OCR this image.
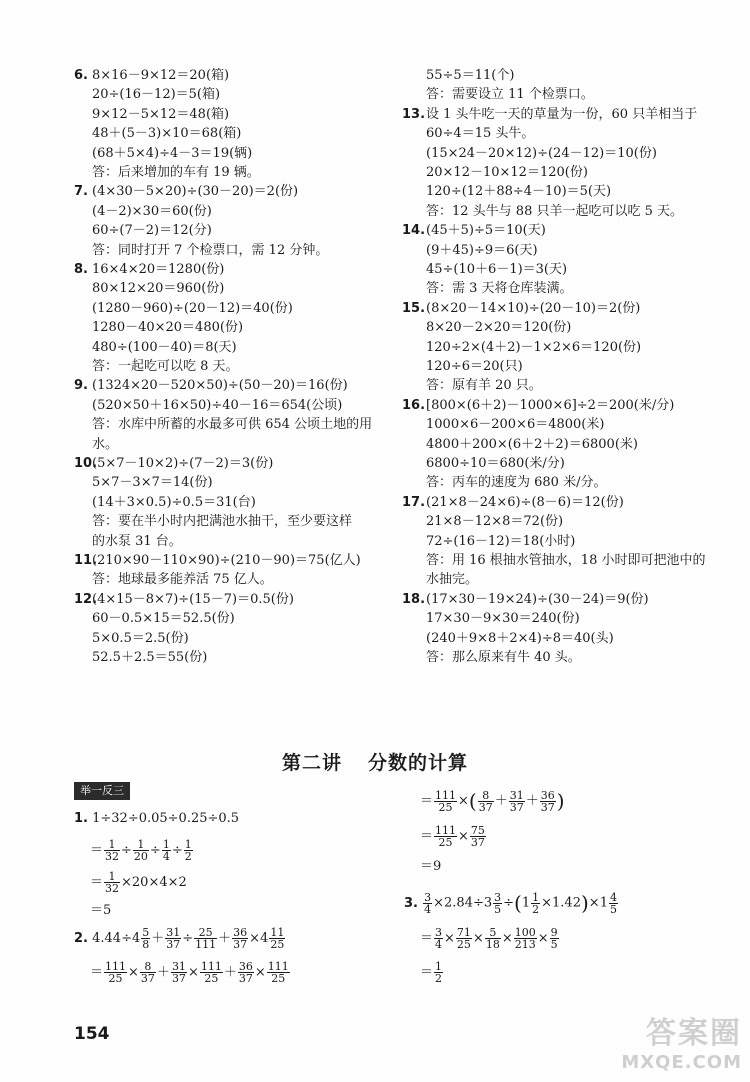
6. 8×16－9×12＝20(箱)
20÷(16－12)＝5(箱)
9×12－5×12＝48(箱)
48＋(5－3)×10＝68(箱)
(68＋5×4)÷4－3＝19(辆)
答：后来增加的车有 19 辆。
7. (4×30－5×20)÷(30－20)＝2(份)
(4－2)×30＝60(份)
60÷(7－2)＝12(分)
答：同时打开 7 个检票口，需 12 分钟。
8. 16×4×20＝1280(份)
80×12×20＝960(份)
(1280－960)÷(20－12)＝40(份)
1280－40×20＝480(份)
480÷(100－40)＝8(天)
答：一起吃可以吃 8 天。
9. (1324×20－520×50)÷(50－20)＝16(份)
(520×50＋16×50)÷40－16＝654(公顷)
答：水库中所蓄的水最多可供 654 公顷土地的用
水。
10.
(5×7－10×2)÷(7－2)＝3(份)
5×7－3×7＝14(份)
(14＋3×0.5)÷0.5＝31(台)
答：要在半小时内把满池水抽干，至少要这样
的水泵 31 台。
11.
(210×90－110×90)÷(210－90)＝75(亿人)
答：地球最多能养活 75 亿人。
12.
(4×15－8×7)÷(15－7)＝0.5(份)
60－0.5×15＝52.5(份)
5×0.5＝2.5(份)
52.5＋2.5＝55(份)
55÷5＝11(个)
答：需要设立 11 个检票口。
13. 设 1 头牛吃一天的草量为一份，60 只羊相当于
60÷4＝15 头牛。
(15×24－20×12)÷(24－12)＝10(份)
20×12－10×12＝120(份)
120÷(12＋88÷4－10)＝5(天)
答：12 头牛与 88 只羊一起吃可以吃 5 天。
14. (45＋5)÷5＝10(天)
(9＋45)÷9＝6(天)
45÷(10＋6－1)＝3(天)
答：需 3 天将仓库装满。
15. (8×20－14×10)÷(20－10)＝2(份)
8×20－2×20＝120(份)
120÷2×(4＋2)－1×2×6＝120(份)
120÷6＝20(只)
答：原有羊 20 只。
16. [800×(6＋2)－1000×6]÷2＝200(米/分)
1000×6－200×6＝4800(米)
4800＋200×(6＋2＋2)＝6800(米)
6800÷10＝680(米/分)
答：丙车的速度为 680 米/分。
17. (21×8－24×6)÷(8－6)＝12(份)
21×8－12×8＝72(份)
72÷(16－12)＝18(小时)
答：用 16 根抽水管抽水，18 小时即可把池中的
水抽完。
18. (17×30－19×24)÷(30－24)＝9(份)
17×30－9×30＝240(份)
(240＋9×8＋2×4)÷8＝40(头)
答：那么原来有牛 40 头。
第二讲 分数的计算
举一反三
1. 1÷32÷0.05÷0.25÷0.5
＝ $\frac{1}{32} \div \frac{1}{20} \div \frac{1}{4} \div \frac{1}{2}$
＝ $\frac{1}{32} \times 20\times 4\times 2$
＝5
2. $4.44\div 4 \frac{5}{8} + \frac{31}{37} \div \frac{25}{111} + \frac{36}{37} \times 4 \frac{11}{25}$
＝ $\frac{111}{25} \times \frac{8}{37} + \frac{31}{37} \times \frac{111}{25} + \frac{36}{37} \times \frac{111}{25}$
＝ $\frac{111}{25}$ ×( $\frac{8}{37} + \frac{31}{37} + \frac{36}{37}$ )
＝ $\frac{111}{25} \times \frac{75}{37}$
＝9
3. $\frac{3}{4} \times 2.84\div 3 \frac{3}{5} \div(1 \frac{1}{2} \times 1.42)\times 1 \frac{4}{5}$
＝ $\frac{3}{4} \times \frac{71}{25} \times \frac{5}{18} \times \frac{100}{213} \times \frac{9}{5}$
＝ $\frac{1}{2}$
154	答案圈
MXQE.COM
